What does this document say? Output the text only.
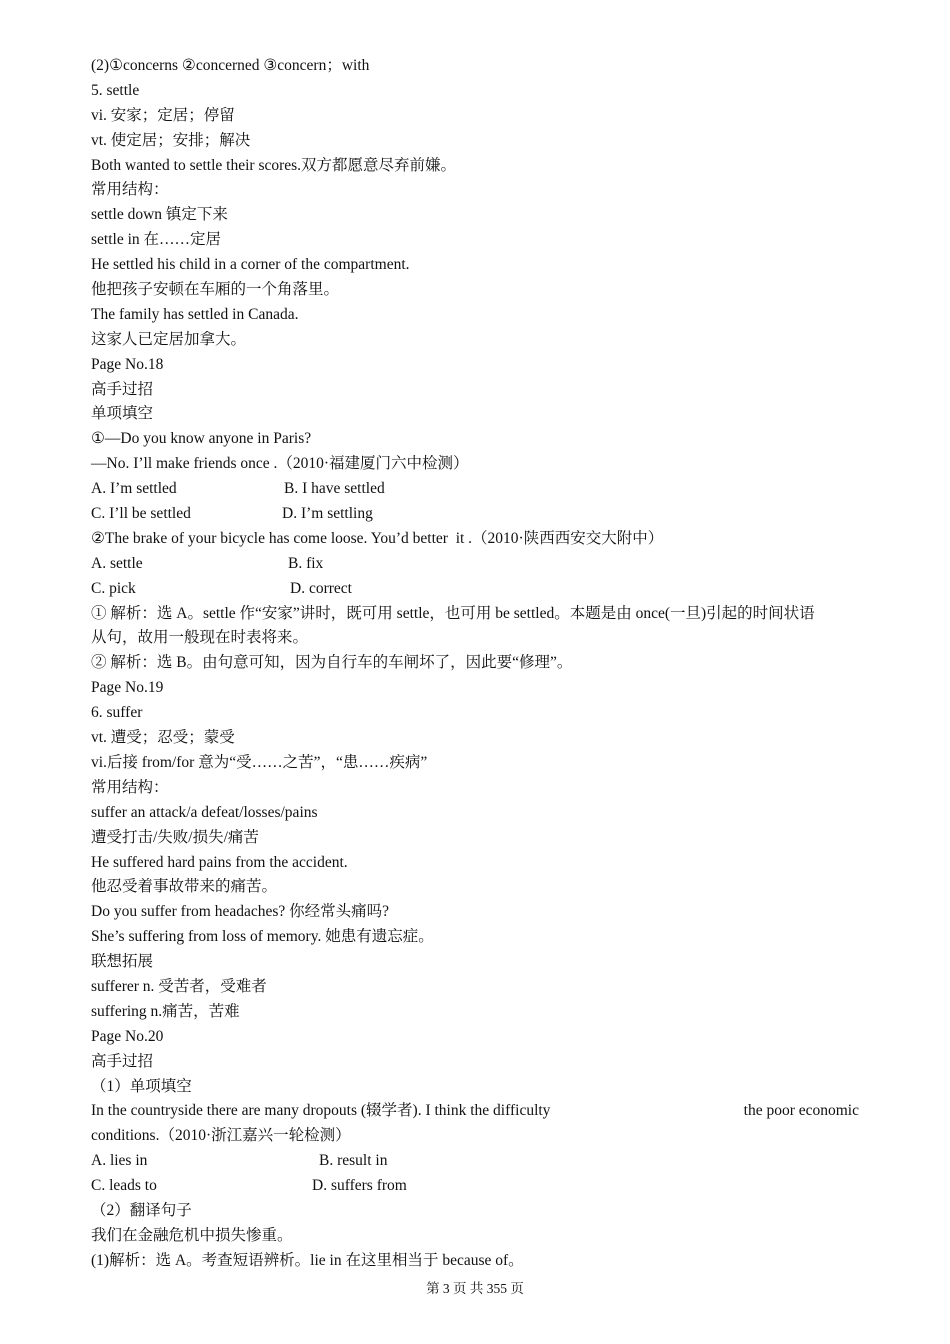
(2)①concerns ②concerned ③concern；with
5. settle
vi. 安家；定居；停留
vt. 使定居；安排；解决
Both wanted to settle their scores.双方都愿意尽弃前嫌。
常用结构：
settle down 镇定下来
settle in 在……定居
He settled his child in a corner of the compartment.
他把孩子安顿在车厢的一个角落里。
The family has settled in Canada.
这家人已定居加拿大。
Page No.18
高手过招
单项填空
①—Do you know anyone in Paris?
—No. I’ll make friends once .（2010·福建厦门六中检测）
A. I’m settled	B. I have settled
C. I’ll be settled	D. I’m settling
②The brake of your bicycle has come loose. You’d better  it .（2010·陕西西安交大附中）
A. settle	B. fix
C. pick	D. correct
① 解析：选 A。settle 作“安家”讲时，既可用 settle，也可用 be settled。本题是由 once(一旦)引起的时间状语
从句，故用一般现在时表将来。
② 解析：选 B。由句意可知，因为自行车的车闸坏了，因此要“修理”。
Page No.19
6. suffer
vt. 遭受；忍受；蒙受
vi.后接 from/for 意为“受……之苦”，“患……疾病”
常用结构：
suffer an attack/a defeat/losses/pains
遭受打击/失败/损失/痛苦
He suffered hard pains from the accident.
他忍受着事故带来的痛苦。
Do you suffer from headaches? 你经常头痛吗?
She’s suffering from loss of memory. 她患有遗忘症。
联想拓展
sufferer n. 受苦者，受难者
suffering n.痛苦，苦难
Page No.20
高手过招
（1）单项填空
In the countryside there are many dropouts (辍学者). I think the difficulty	the poor economic
conditions.（2010·浙江嘉兴一轮检测）
A. lies in	B. result in
C. leads to	D. suffers from
（2）翻译句子
我们在金融危机中损失惨重。
(1)解析：选 A。考查短语辨析。lie in 在这里相当于 because of。
第 3 页 共 355 页
